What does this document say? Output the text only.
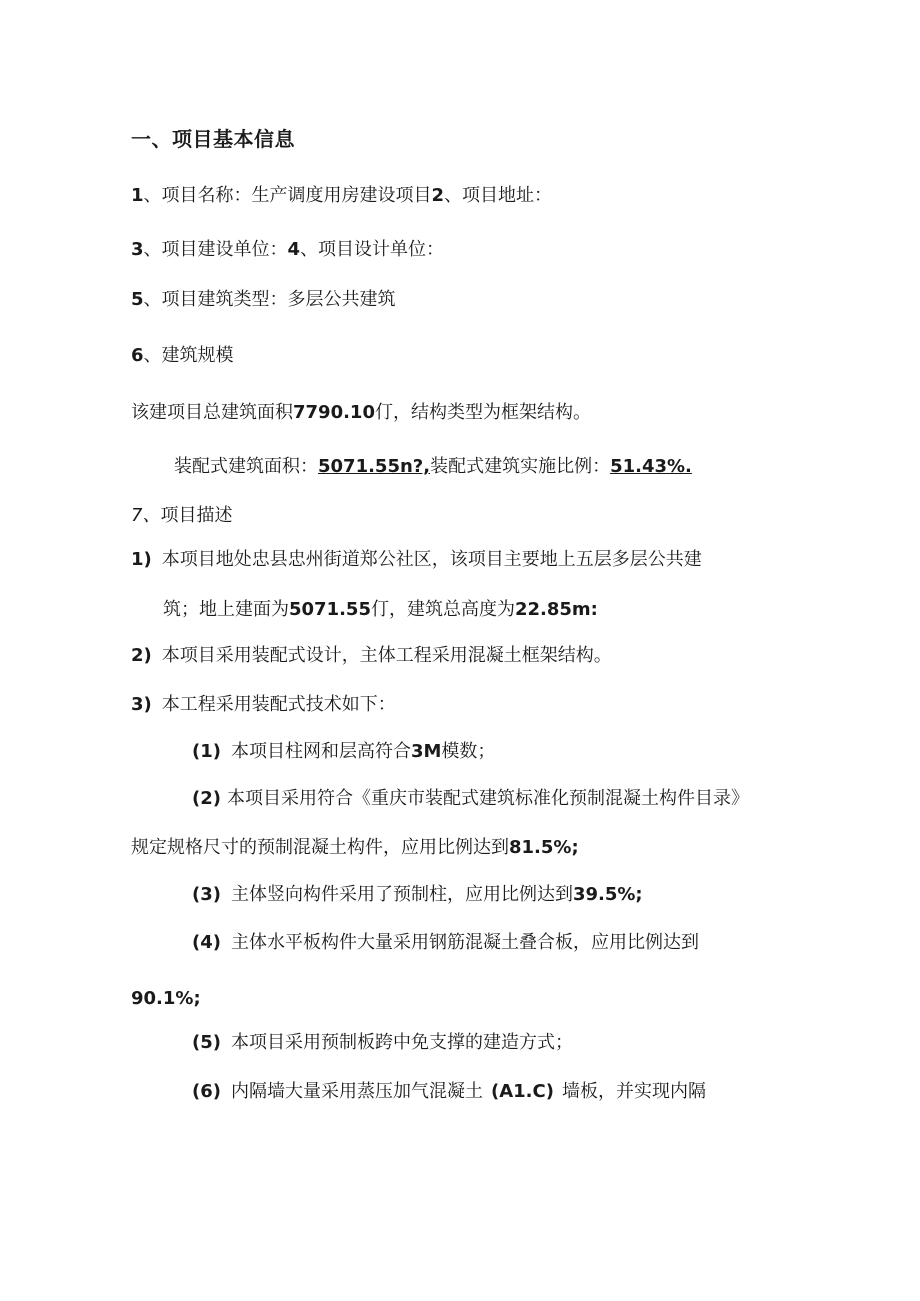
一、项目基本信息
1、项目名称：生产调度用房建设项目2、项目地址：
3、项目建设单位：4、项目设计单位：
5、项目建筑类型：多层公共建筑
6、建筑规模
该建项目总建筑面积7790.10仃，结构类型为框架结构。
装配式建筑面积：5071.55n?,装配式建筑实施比例：51.43%.
7、项目描述
1) 本项目地处忠县忠州街道郑公社区，该项目主要地上五层多层公共建
筑；地上建面为5071.55仃，建筑总高度为22.85m:
2) 本项目采用装配式设计，主体工程采用混凝土框架结构。
3) 本工程采用装配式技术如下：
(1) 本项目柱网和层高符合3M模数；
(2) 本项目采用符合《重庆市装配式建筑标准化预制混凝土构件目录》
规定规格尺寸的预制混凝土构件，应用比例达到81.5%;
(3) 主体竖向构件采用了预制柱，应用比例达到39.5%;
(4) 主体水平板构件大量采用钢筋混凝土叠合板，应用比例达到
90.1%;
(5) 本项目采用预制板跨中免支撑的建造方式；
(6) 内隔墙大量采用蒸压加气混凝土 (A1.C) 墙板，并实现内隔
